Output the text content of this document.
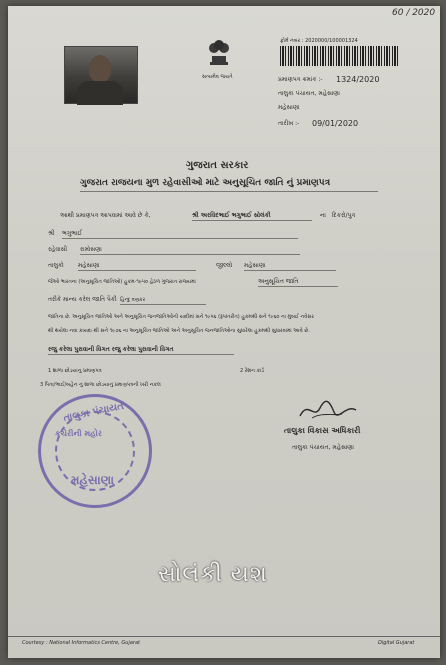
60 / 2020
સત્યમેવ જયતે
ફોર્મ નંબર : 2020000/100001324
પ્રમાણપત્ર ક્રમાંક :- 1324/2020
તાલુકા પંચાયત, મહેસાણા
મહેસાણા
તારીખ :- 09/01/2020
ગુજરાત સરકાર
ગુજરાત રાજયના મુળ રહેવાસીઓ માટે અનુસૂચિત જાતિ નું પ્રમાણપત્ર
આથી પ્રમાણપત્ર આપવામાં આવે છે કે,	શ્રી અરવિંદભાઈ ભગુભાઈ સોલંકી	ના દિકરો/પુત્ર
શ્રી ભગુભાઈ
રહેવાસી રામોસણા
તાલુકો મહેસાણા	જીલ્લો મહેસાણા
જેઓ ભારતના (અનુસૂચિત જાતિઓ) હુકમ-૧૯૫૦ હેઠળ ગુજરાત રાજ્યમાં	અનુસૂચિત જાતિ
તરીકે માન્ય કરેલ જાતિ પૈકી હિન્દુ વણકર
જાતિના છે. અનુસૂચિત જાતિઓ અને અનુસૂચિત જનજાતિઓની યાદીમાં સને ૧૯૫૬ (રૂપાંતરીત) હુકમથી સને ૧૯૬૦ ના મુંબઈ નવેસર
થી થયેલા નવા કાયદા થી સને ૧૯૭૬ ના અનુસૂચિત જાતિઓ અને અનુસૂચિત જનજાતિઓના સુધારેલા હુકમથી સુધારવામાં આવે છે.
રજુ કરેલા પુરાવાની વિગત રજુ કરેલા પુરાવાની વિગત
1 શાળા છોડયાનુ પ્રમાણપત્ર	2 રેશન કાર્ડ
3 પિતા/ભાઈ/બહેન નું શાળા છોડયાનું પ્રમાણપત્રની ખરી નકલ
તાલુકા વિકાસ અધિકારી
તાલુકા પંચાયત, મહેસાણા
તાલુકા પંચાયત
કચેરીની મહોર
મહેસાણા
સોલંકી યશ
Courtesy : National Informatics Centre, Gujarat	Digital Gujarat
